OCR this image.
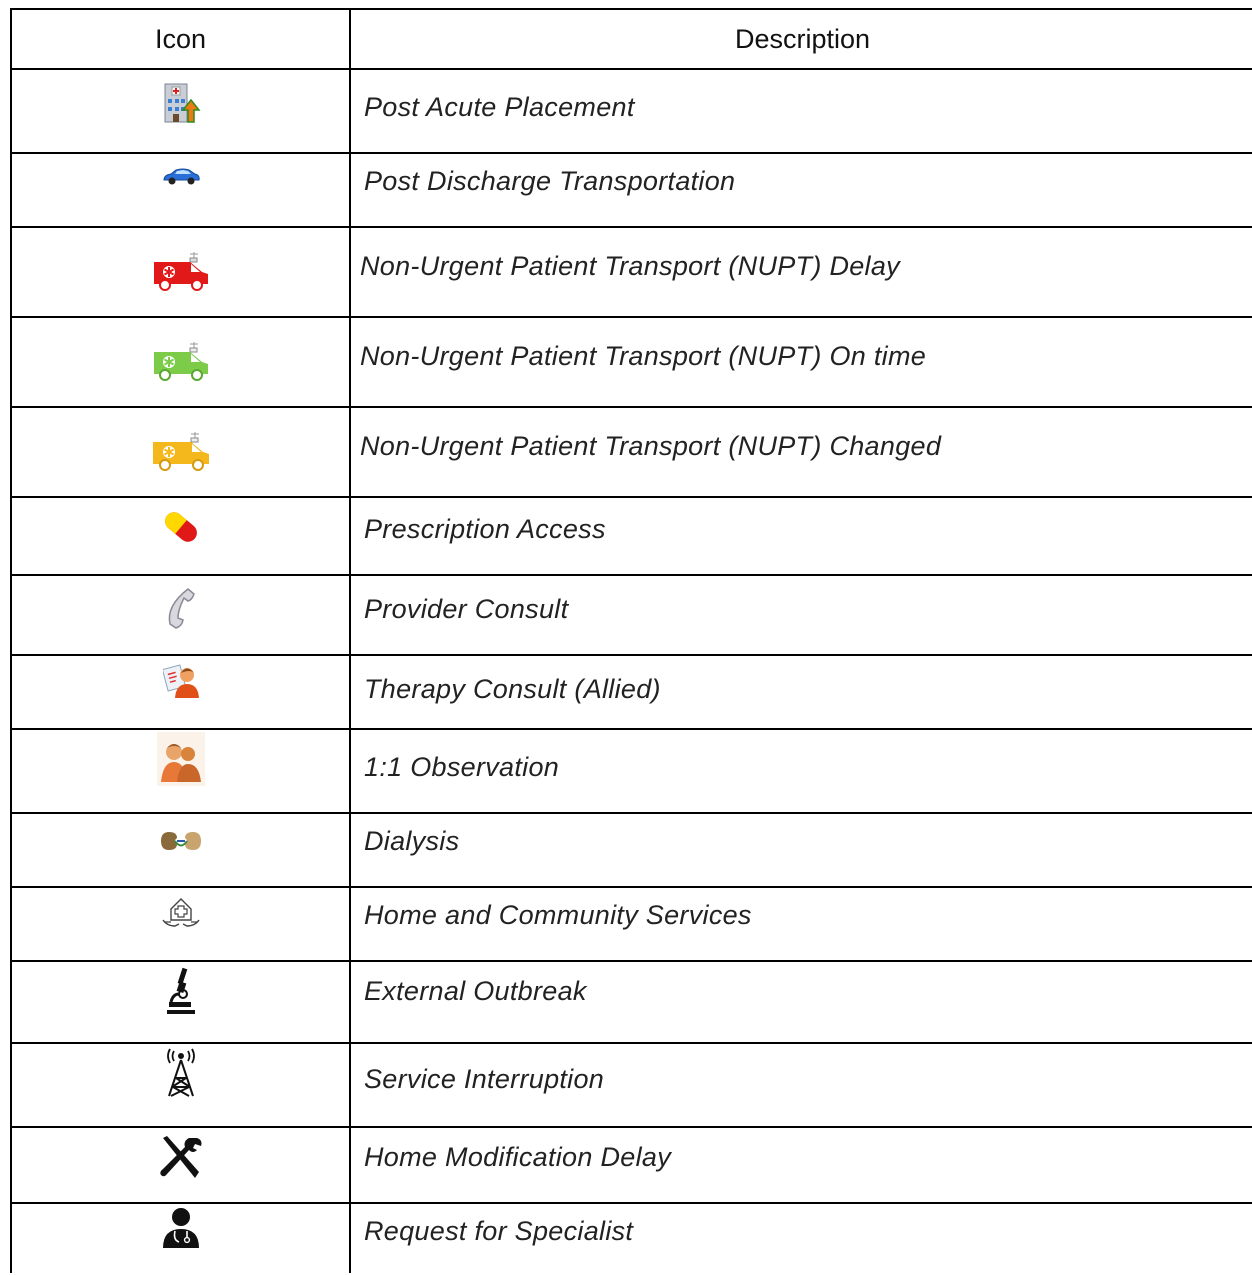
Icon	Description
Post Acute Placement
Post Discharge Transportation
Non-Urgent Patient Transport (NUPT) Delay
Non-Urgent Patient Transport (NUPT) On time
Non-Urgent Patient Transport (NUPT) Changed
Prescription Access
Provider Consult
Therapy Consult (Allied)
1:1 Observation
Dialysis
Home and Community Services
External Outbreak
Service Interruption
Home Modification Delay
Request for Specialist
